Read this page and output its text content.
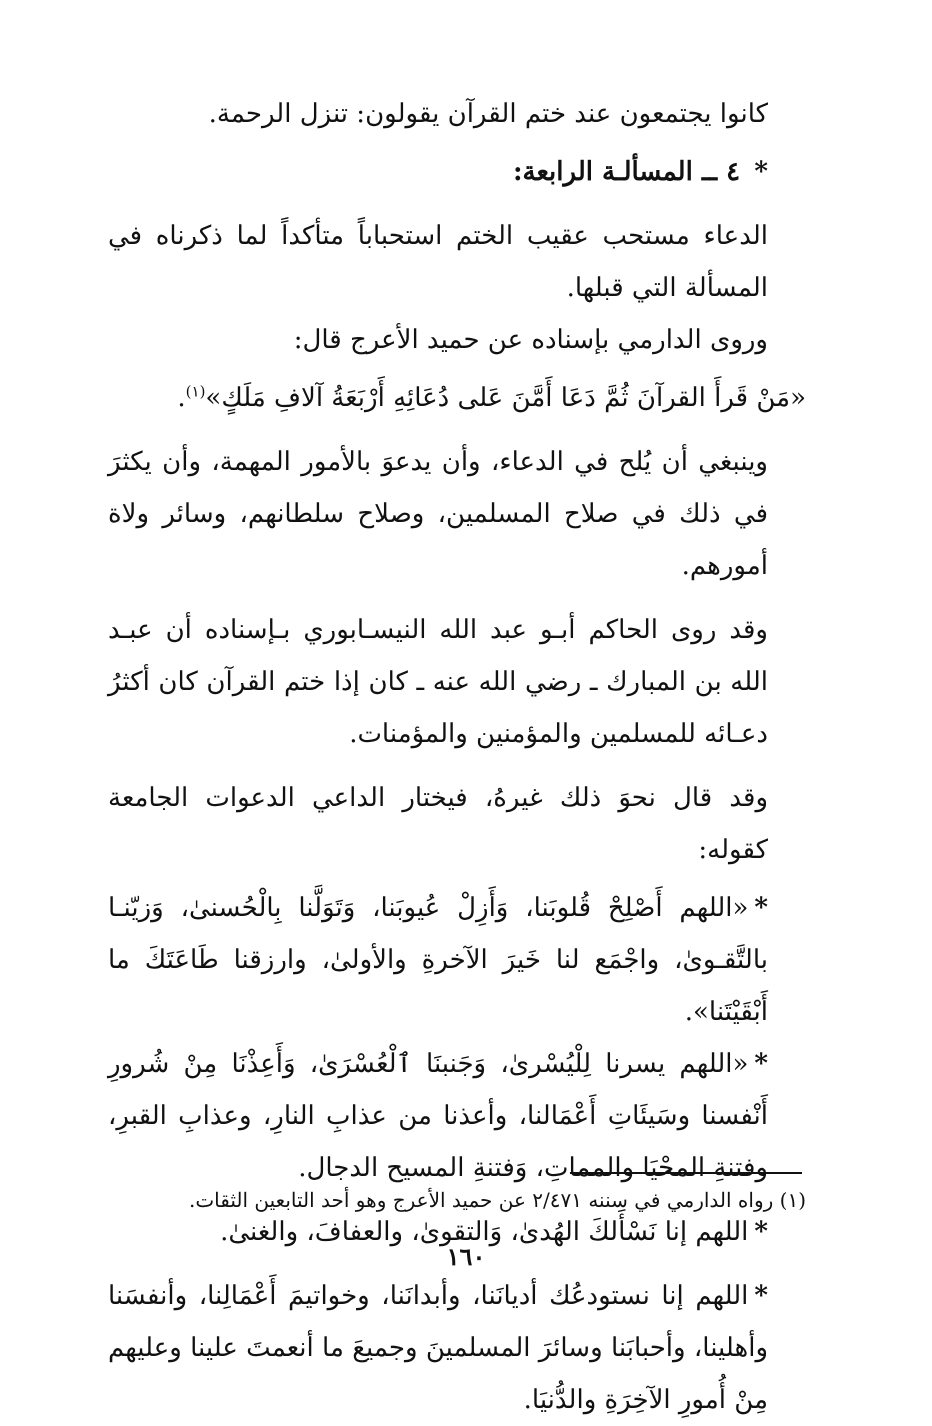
كانوا يجتمعون عند ختم القرآن يقولون: تنزل الرحمة.

* ٤ ــ المسألـة الرابعة:

الدعاء مستحب عقيب الختم استحباباً متأكداً لما ذكرناه في المسألة التي قبلها.

وروى الدارمي بإسناده عن حميد الأعرج قال:

«مَنْ قَرأَ القرآنَ ثُمَّ دَعَا أَمَّنَ عَلى دُعَائِهِ أَرْبَعَةُ آلافِ مَلَكٍ»$^{(١)}$.

وينبغي أن يُلح في الدعاء، وأن يدعوَ بالأمور المهمة، وأن يكثرَ في ذلك في صلاح المسلمين، وصلاح سلطانهم، وسائر ولاة أمورهم.

وقد روى الحاكم أبـو عبد الله النيسـابوري بـإسناده أن عبـد الله بن المبارك ـ رضي الله عنه ـ كان إذا ختم القرآن كان أكثرُ دعـائه للمسلمين والمؤمنين والمؤمنات.

وقد قال نحوَ ذلك غيرهُ، فيختار الداعي الدعوات الجامعة كقوله:

*«اللهم أَصْلِحْ قُلوبَنا، وَأَزِلْ عُيوبَنا، وَتَوَلَّنا بِالْحُسنىٰ، وَزيّنـا بالتَّقـوىٰ، واجْمَع لنا خَيرَ الآخرةِ والأولىٰ، وارزقنا طَاعَتَكَ ما أَبْقَيْتَنا».

*«اللهم يسرنا لِلْيُسْرىٰ، وَجَنبنَا ٱلْعُسْرَىٰ، وَأَعِذْنَا مِنْ شُرورِ أَنْفسنا وسَيئَاتِ أَعْمَالنا، وأعذنا من عذابِ النارِ، وعذابِ القبرِ، وفتنةِ المحْيَا والمماتِ، وَفتنةِ المسيح الدجال.

*اللهم إنا نَسْأَلكَ الهُدىٰ، وَالتقوىٰ، والعفافَ، والغنىٰ.

*اللهم إنا نستودعُك أديانَنا، وأبدانَنا، وخواتيمَ أَعْمَالِنا، وأنفسَنا وأهلينا، وأحبابَنا وسائرَ المسلمينَ وجميعَ ما أنعمتَ علينا وعليهم مِنْ أُمورِ الآخِرَةِ والدُّنيَا.

(١) رواه الدارمي في سننه ٢/٤٧١ عن حميد الأعرج وهو أحد التابعين الثقات.
١٦٠
